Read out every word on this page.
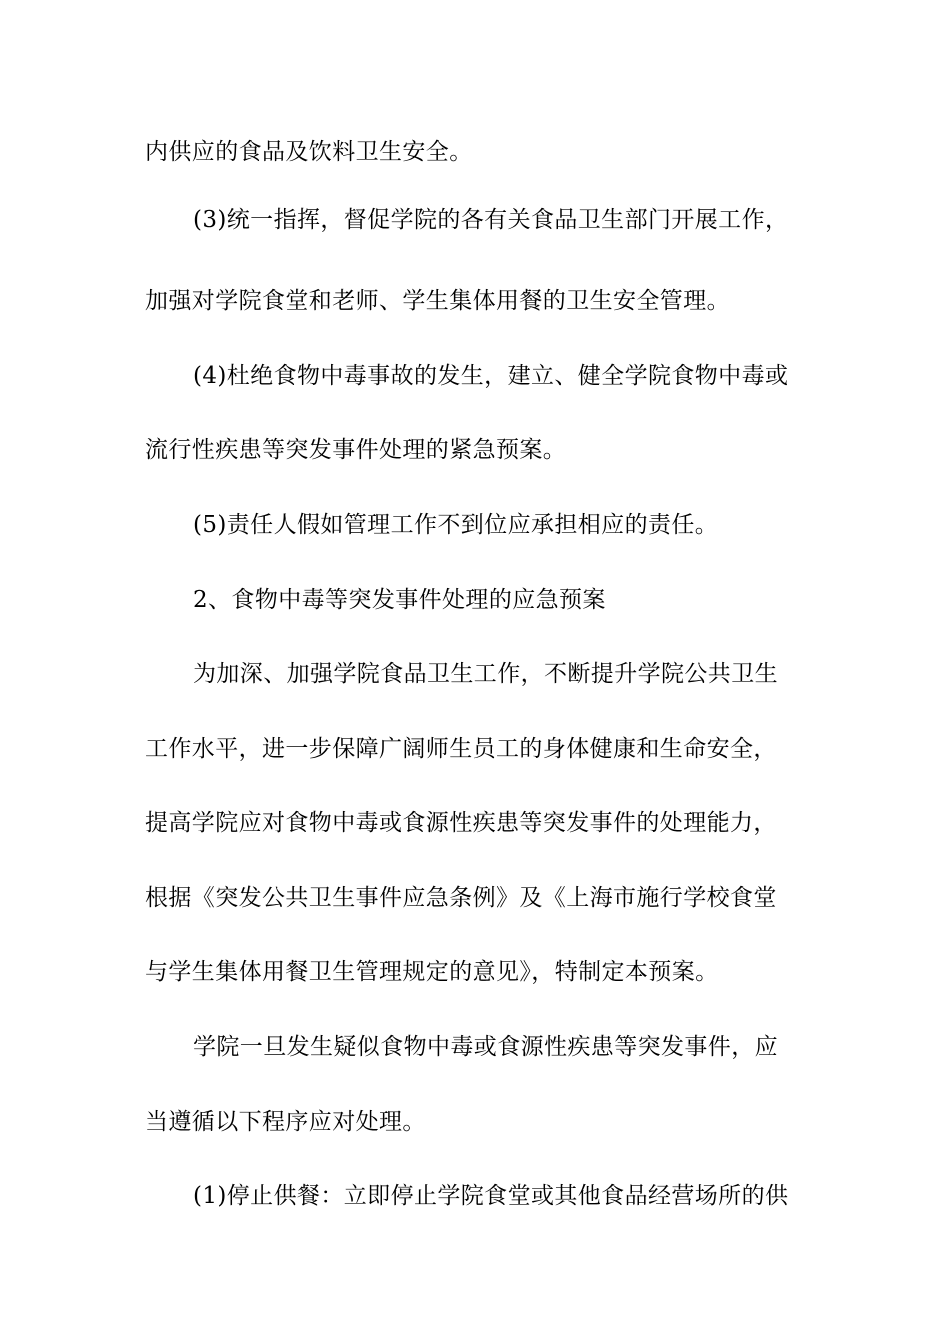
内供应的食品及饮料卫生安全。
(3)统一指挥，督促学院的各有关食品卫生部门开展工作，
加强对学院食堂和老师、学生集体用餐的卫生安全管理。
(4)杜绝食物中毒事故的发生，建立、健全学院食物中毒或
流行性疾患等突发事件处理的紧急预案。
(5)责任人假如管理工作不到位应承担相应的责任。
2、食物中毒等突发事件处理的应急预案
为加深、加强学院食品卫生工作，不断提升学院公共卫生
工作水平，进一步保障广阔师生员工的身体健康和生命安全，
提高学院应对食物中毒或食源性疾患等突发事件的处理能力，
根据《突发公共卫生事件应急条例》及《上海市施行学校食堂
与学生集体用餐卫生管理规定的意见》，特制定本预案。
学院一旦发生疑似食物中毒或食源性疾患等突发事件，应
当遵循以下程序应对处理。
(1)停止供餐：立即停止学院食堂或其他食品经营场所的供
